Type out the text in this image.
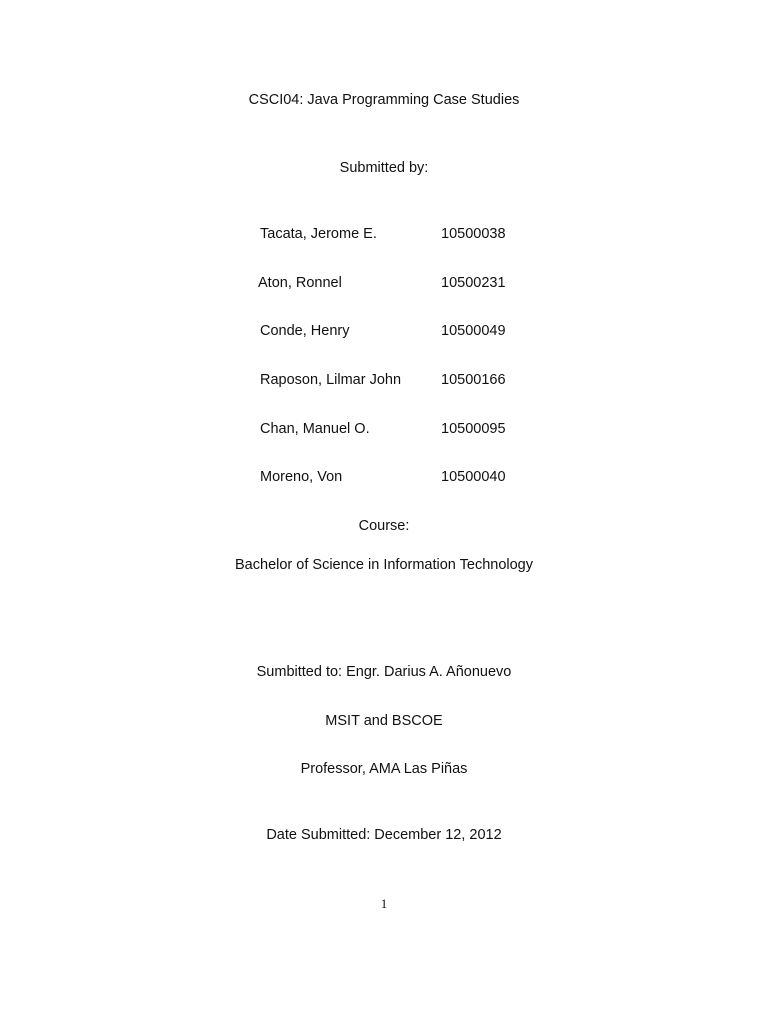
CSCI04: Java Programming Case Studies
Submitted by:
Tacata, Jerome E.	10500038
Aton, Ronnel	10500231
Conde, Henry	10500049
Raposon, Lilmar John	10500166
Chan, Manuel O.	10500095
Moreno, Von	10500040
Course:
Bachelor of Science in Information Technology
Sumbitted to: Engr. Darius A. Añonuevo
MSIT and BSCOE
Professor, AMA Las Piñas
Date Submitted: December 12, 2012
1
